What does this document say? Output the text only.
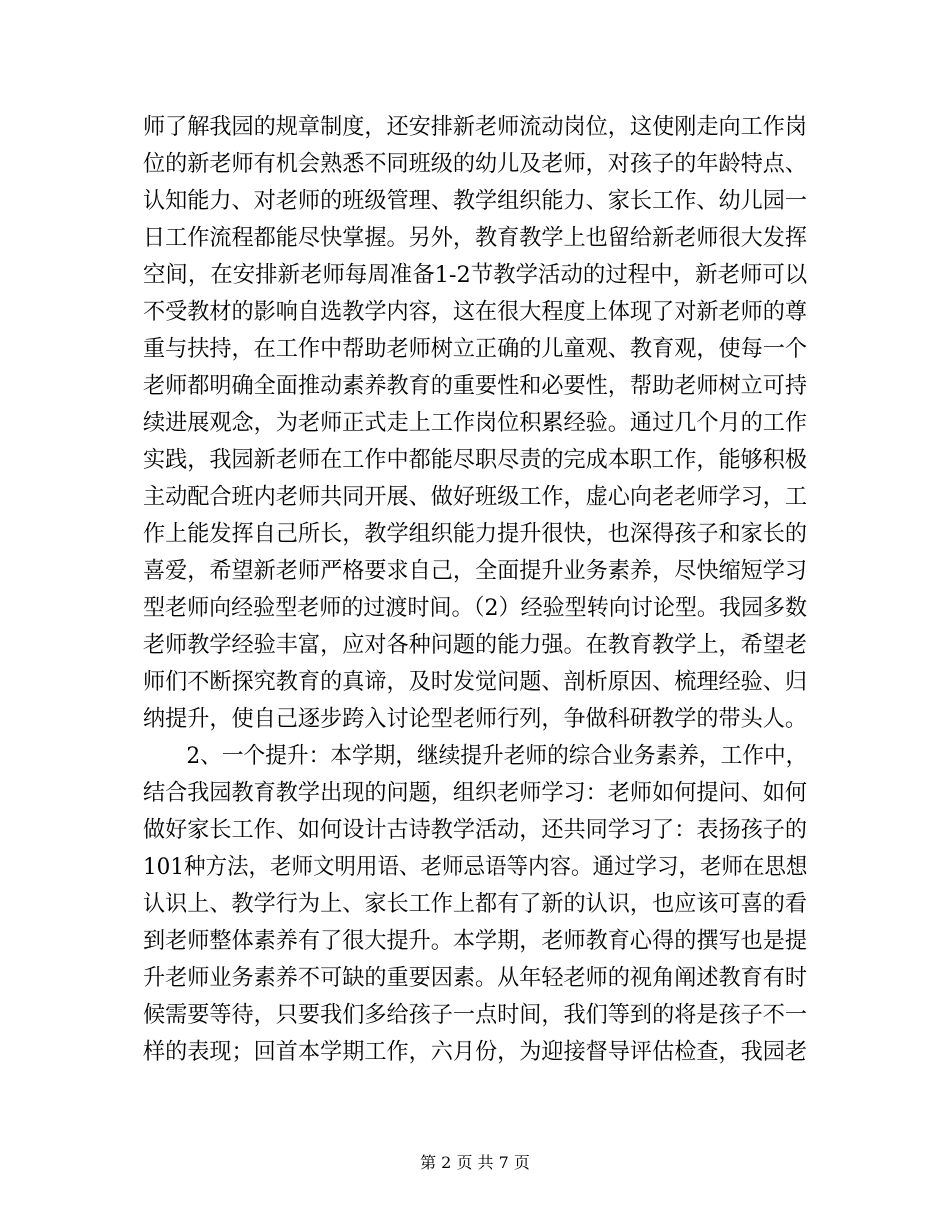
师了解我园的规章制度，还安排新老师流动岗位，这使刚走向工作岗
位的新老师有机会熟悉不同班级的幼儿及老师，对孩子的年龄特点、
认知能力、对老师的班级管理、教学组织能力、家长工作、幼儿园一
日工作流程都能尽快掌握。另外，教育教学上也留给新老师很大发挥
空间，在安排新老师每周准备1-2节教学活动的过程中，新老师可以
不受教材的影响自选教学内容，这在很大程度上体现了对新老师的尊
重与扶持，在工作中帮助老师树立正确的儿童观、教育观，使每一个
老师都明确全面推动素养教育的重要性和必要性，帮助老师树立可持
续进展观念，为老师正式走上工作岗位积累经验。通过几个月的工作
实践，我园新老师在工作中都能尽职尽责的完成本职工作，能够积极
主动配合班内老师共同开展、做好班级工作，虚心向老老师学习，工
作上能发挥自己所长，教学组织能力提升很快，也深得孩子和家长的
喜爱，希望新老师严格要求自己，全面提升业务素养，尽快缩短学习
型老师向经验型老师的过渡时间。（2）经验型转向讨论型。我园多数
老师教学经验丰富，应对各种问题的能力强。在教育教学上，希望老
师们不断探究教育的真谛，及时发觉问题、剖析原因、梳理经验、归
纳提升，使自己逐步跨入讨论型老师行列，争做科研教学的带头人。
　　2、一个提升：本学期，继续提升老师的综合业务素养，工作中，
结合我园教育教学出现的问题，组织老师学习：老师如何提问、如何
做好家长工作、如何设计古诗教学活动，还共同学习了：表扬孩子的
101种方法，老师文明用语、老师忌语等内容。通过学习，老师在思想
认识上、教学行为上、家长工作上都有了新的认识，也应该可喜的看
到老师整体素养有了很大提升。本学期，老师教育心得的撰写也是提
升老师业务素养不可缺的重要因素。从年轻老师的视角阐述教育有时
候需要等待，只要我们多给孩子一点时间，我们等到的将是孩子不一
样的表现；回首本学期工作，六月份，为迎接督导评估检查，我园老
第 2 页 共 7 页
